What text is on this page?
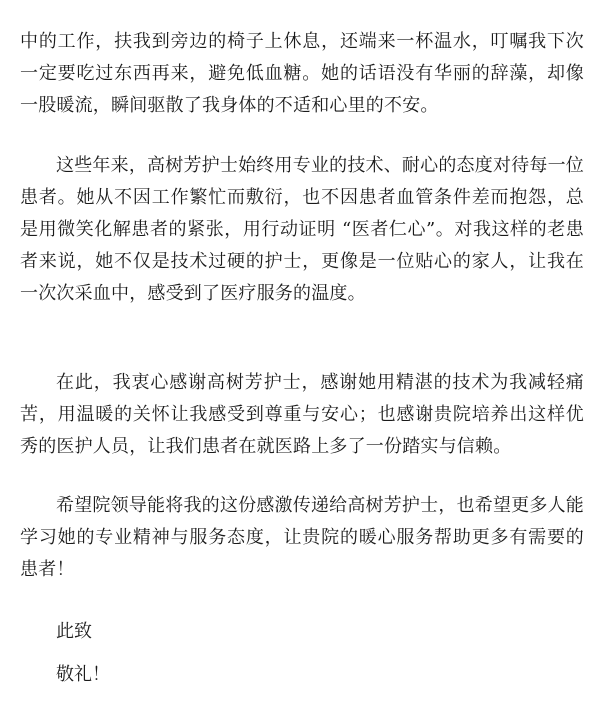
中的工作，扶我到旁边的椅子上休息，还端来一杯温水，叮嘱我下次一定要吃过东西再来，避免低血糖。她的话语没有华丽的辞藻，却像一股暖流，瞬间驱散了我身体的不适和心里的不安。

这些年来，高树芳护士始终用专业的技术、耐心的态度对待每一位患者。她从不因工作繁忙而敷衍，也不因患者血管条件差而抱怨，总是用微笑化解患者的紧张，用行动证明 “医者仁心”。对我这样的老患者来说，她不仅是技术过硬的护士，更像是一位贴心的家人，让我在一次次采血中，感受到了医疗服务的温度。

在此，我衷心感谢高树芳护士，感谢她用精湛的技术为我减轻痛苦，用温暖的关怀让我感受到尊重与安心；也感谢贵院培养出这样优秀的医护人员，让我们患者在就医路上多了一份踏实与信赖。

希望院领导能将我的这份感激传递给高树芳护士，也希望更多人能学习她的专业精神与服务态度，让贵院的暖心服务帮助更多有需要的患者！

此致

敬礼！
